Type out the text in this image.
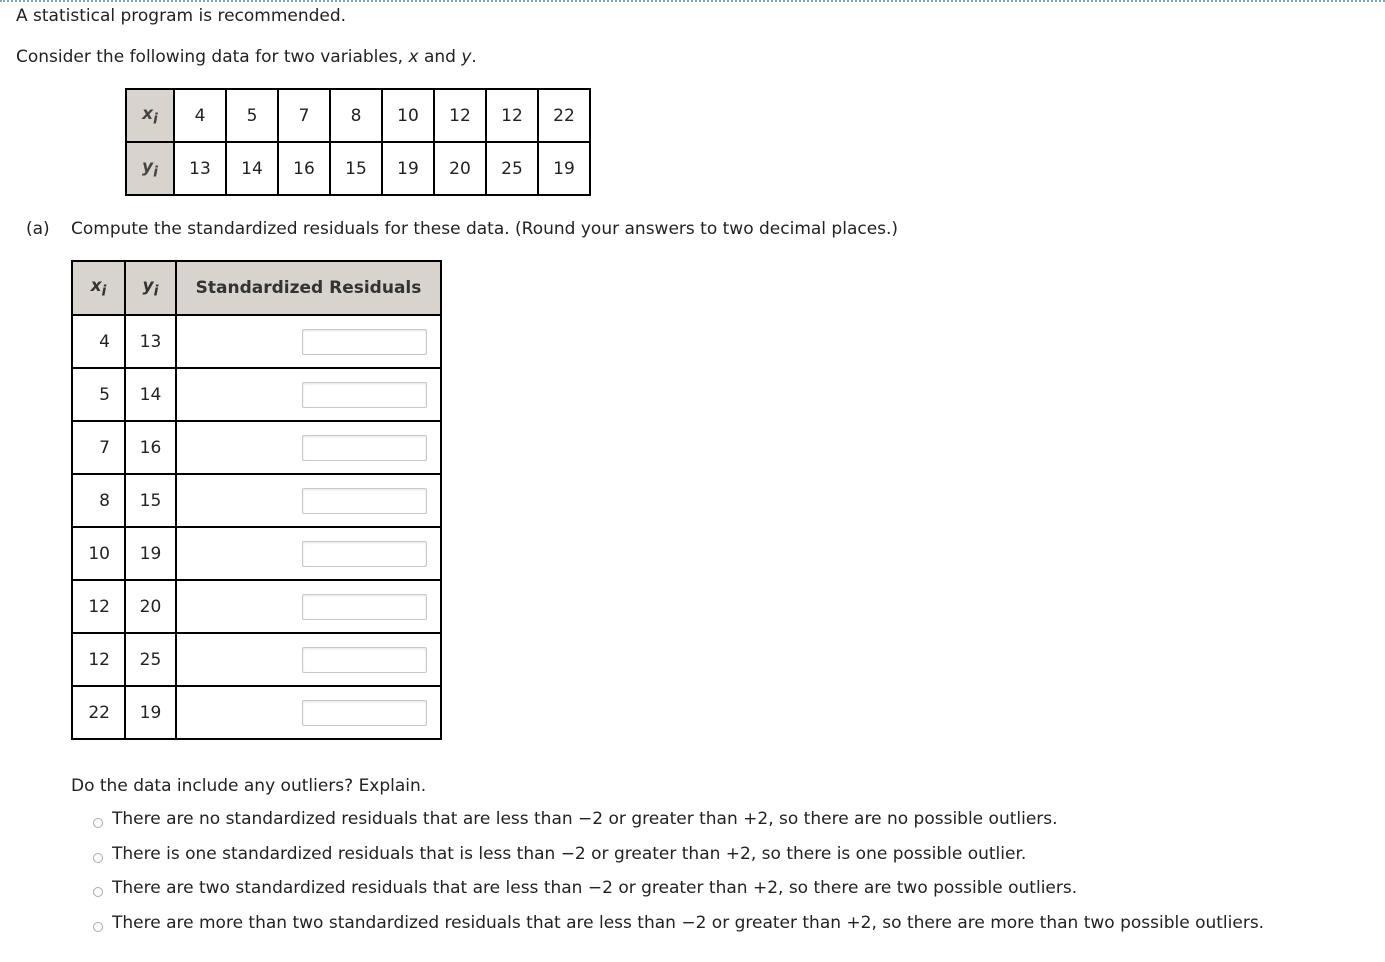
A statistical program is recommended.
Consider the following data for two variables, x and y.
$x_i$	4	5	7	8	10	12	12	22
$y_i$	13	14	16	15	19	20	25	19
(a) Compute the standardized residuals for these data. (Round your answers to two decimal places.)
$x_i$	$y_i$	Standardized Residuals
4	13	
5	14	
7	16	
8	15	
10	19	
12	20	
12	25	
22	19	
Do the data include any outliers? Explain.
There are no standardized residuals that are less than −2 or greater than +2, so there are no possible outliers.
There is one standardized residuals that is less than −2 or greater than +2, so there is one possible outlier.
There are two standardized residuals that are less than −2 or greater than +2, so there are two possible outliers.
There are more than two standardized residuals that are less than −2 or greater than +2, so there are more than two possible outliers.
